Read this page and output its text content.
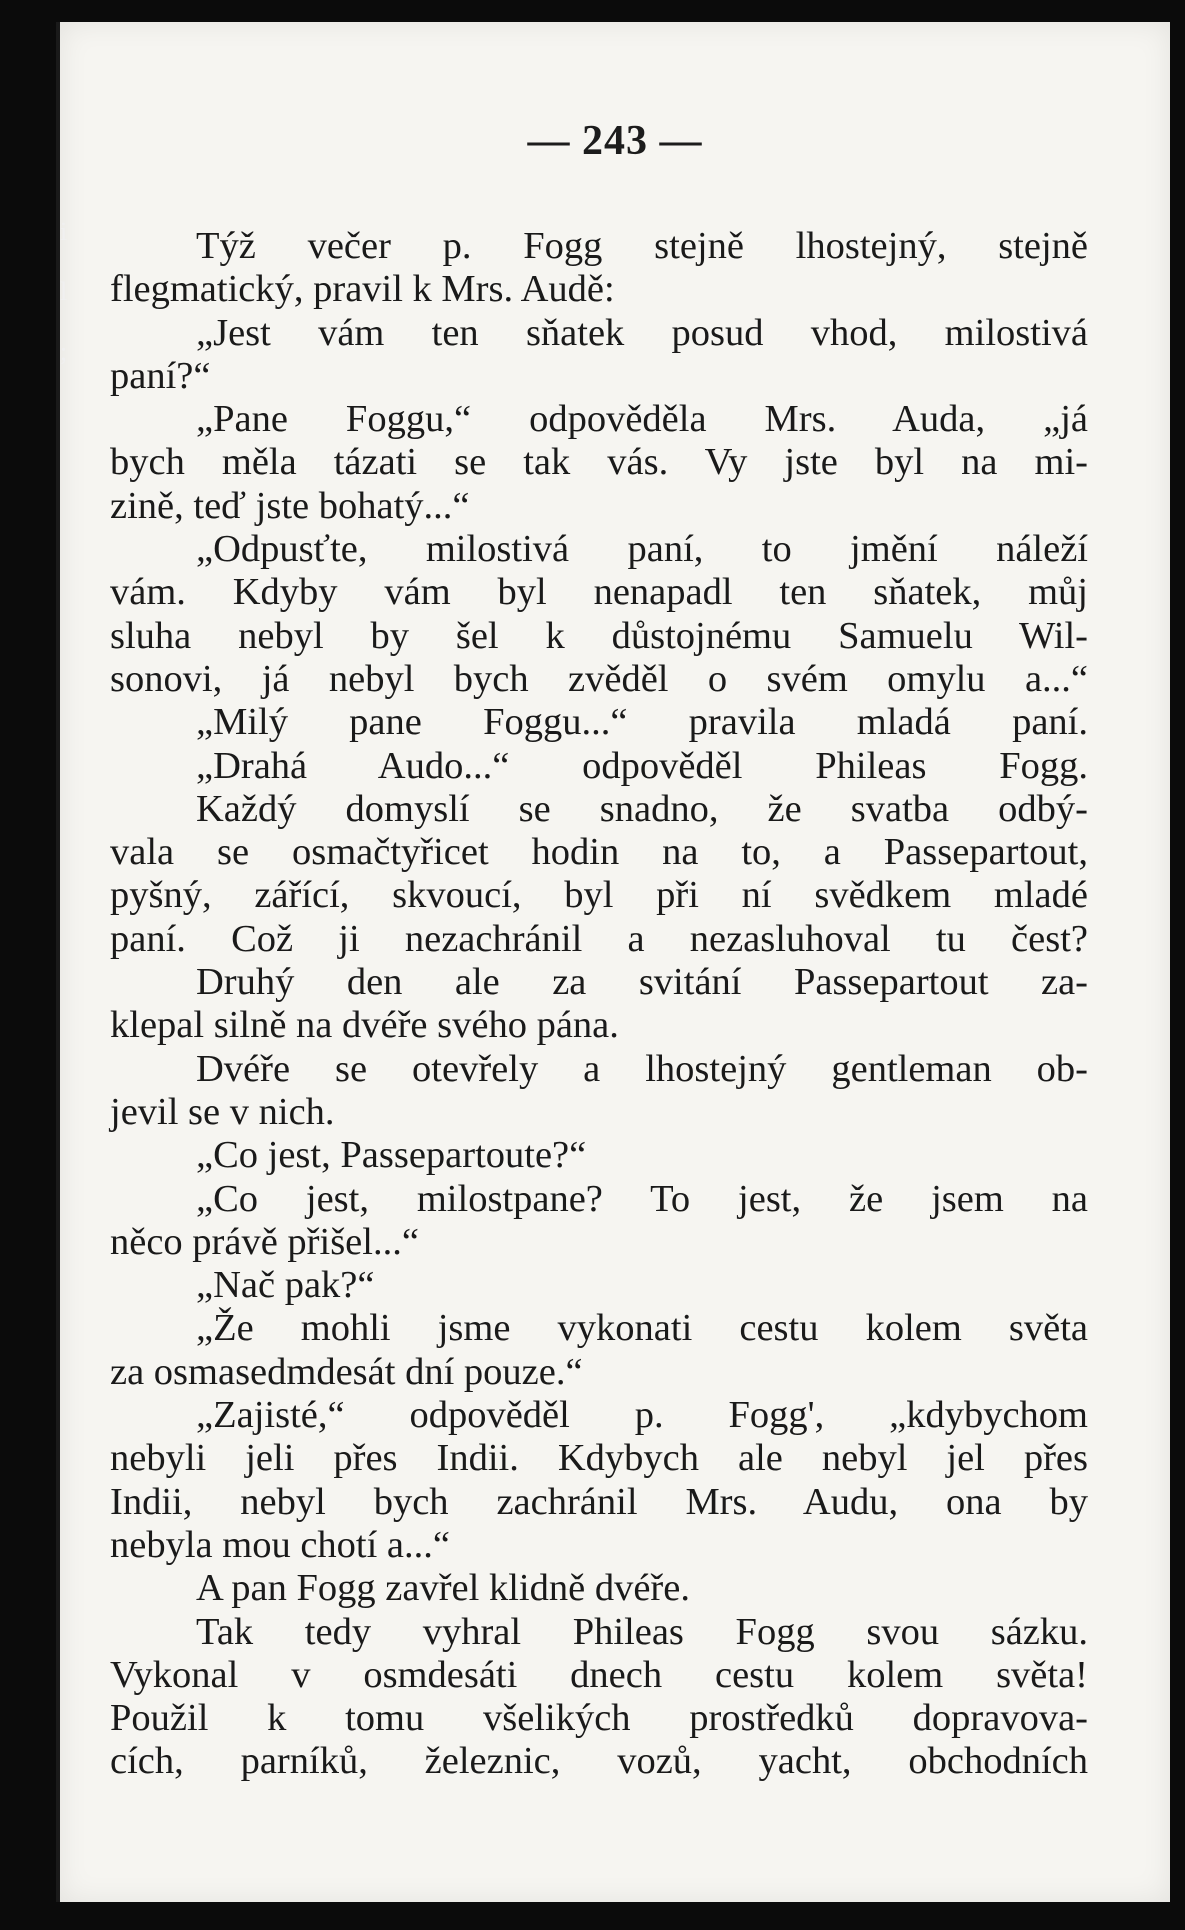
i
l
;
— 243 —
Týž večer p. Fogg stejně lhostejný, stejně
flegmatický, pravil k Mrs. Audě:
„Jest vám ten sňatek posud vhod, milostivá
paní?“
„Pane Foggu,“ odpověděla Mrs. Auda, „já
bych měla tázati se tak vás. Vy jste byl na mi-
zině, teď jste bohatý...“
„Odpusťte, milostivá paní, to jmění náleží
vám. Kdyby vám byl nenapadl ten sňatek, můj
sluha nebyl by šel k důstojnému Samuelu Wil-
sonovi, já nebyl bych zvěděl o svém omylu a...“
„Milý pane Foggu...“ pravila mladá paní.
„Drahá Audo...“ odpověděl Phileas Fogg.
Každý domyslí se snadno, že svatba odbý-
vala se osmačtyřicet hodin na to, a Passepartout,
pyšný, zářící, skvoucí, byl při ní svědkem mladé
paní. Což ji nezachránil a nezasluhoval tu čest?
Druhý den ale za svitání Passepartout za-
klepal silně na dvéře svého pána.
Dvéře se otevřely a lhostejný gentleman ob-
jevil se v nich.
„Co jest, Passepartoute?“
„Co jest, milostpane? To jest, že jsem na
něco právě přišel...“
„Nač pak?“
„Že mohli jsme vykonati cestu kolem světa
za osmasedmdesát dní pouze.“
„Zajisté,“ odpověděl p. Fogg', „kdybychom
nebyli jeli přes Indii. Kdybych ale nebyl jel přes
Indii, nebyl bych zachránil Mrs. Audu, ona by
nebyla mou chotí a...“
A pan Fogg zavřel klidně dvéře.
Tak tedy vyhral Phileas Fogg svou sázku.
Vykonal v osmdesáti dnech cestu kolem světa!
Použil k tomu všelikých prostředků dopravova-
cích, parníků, železnic, vozů, yacht, obchodních
